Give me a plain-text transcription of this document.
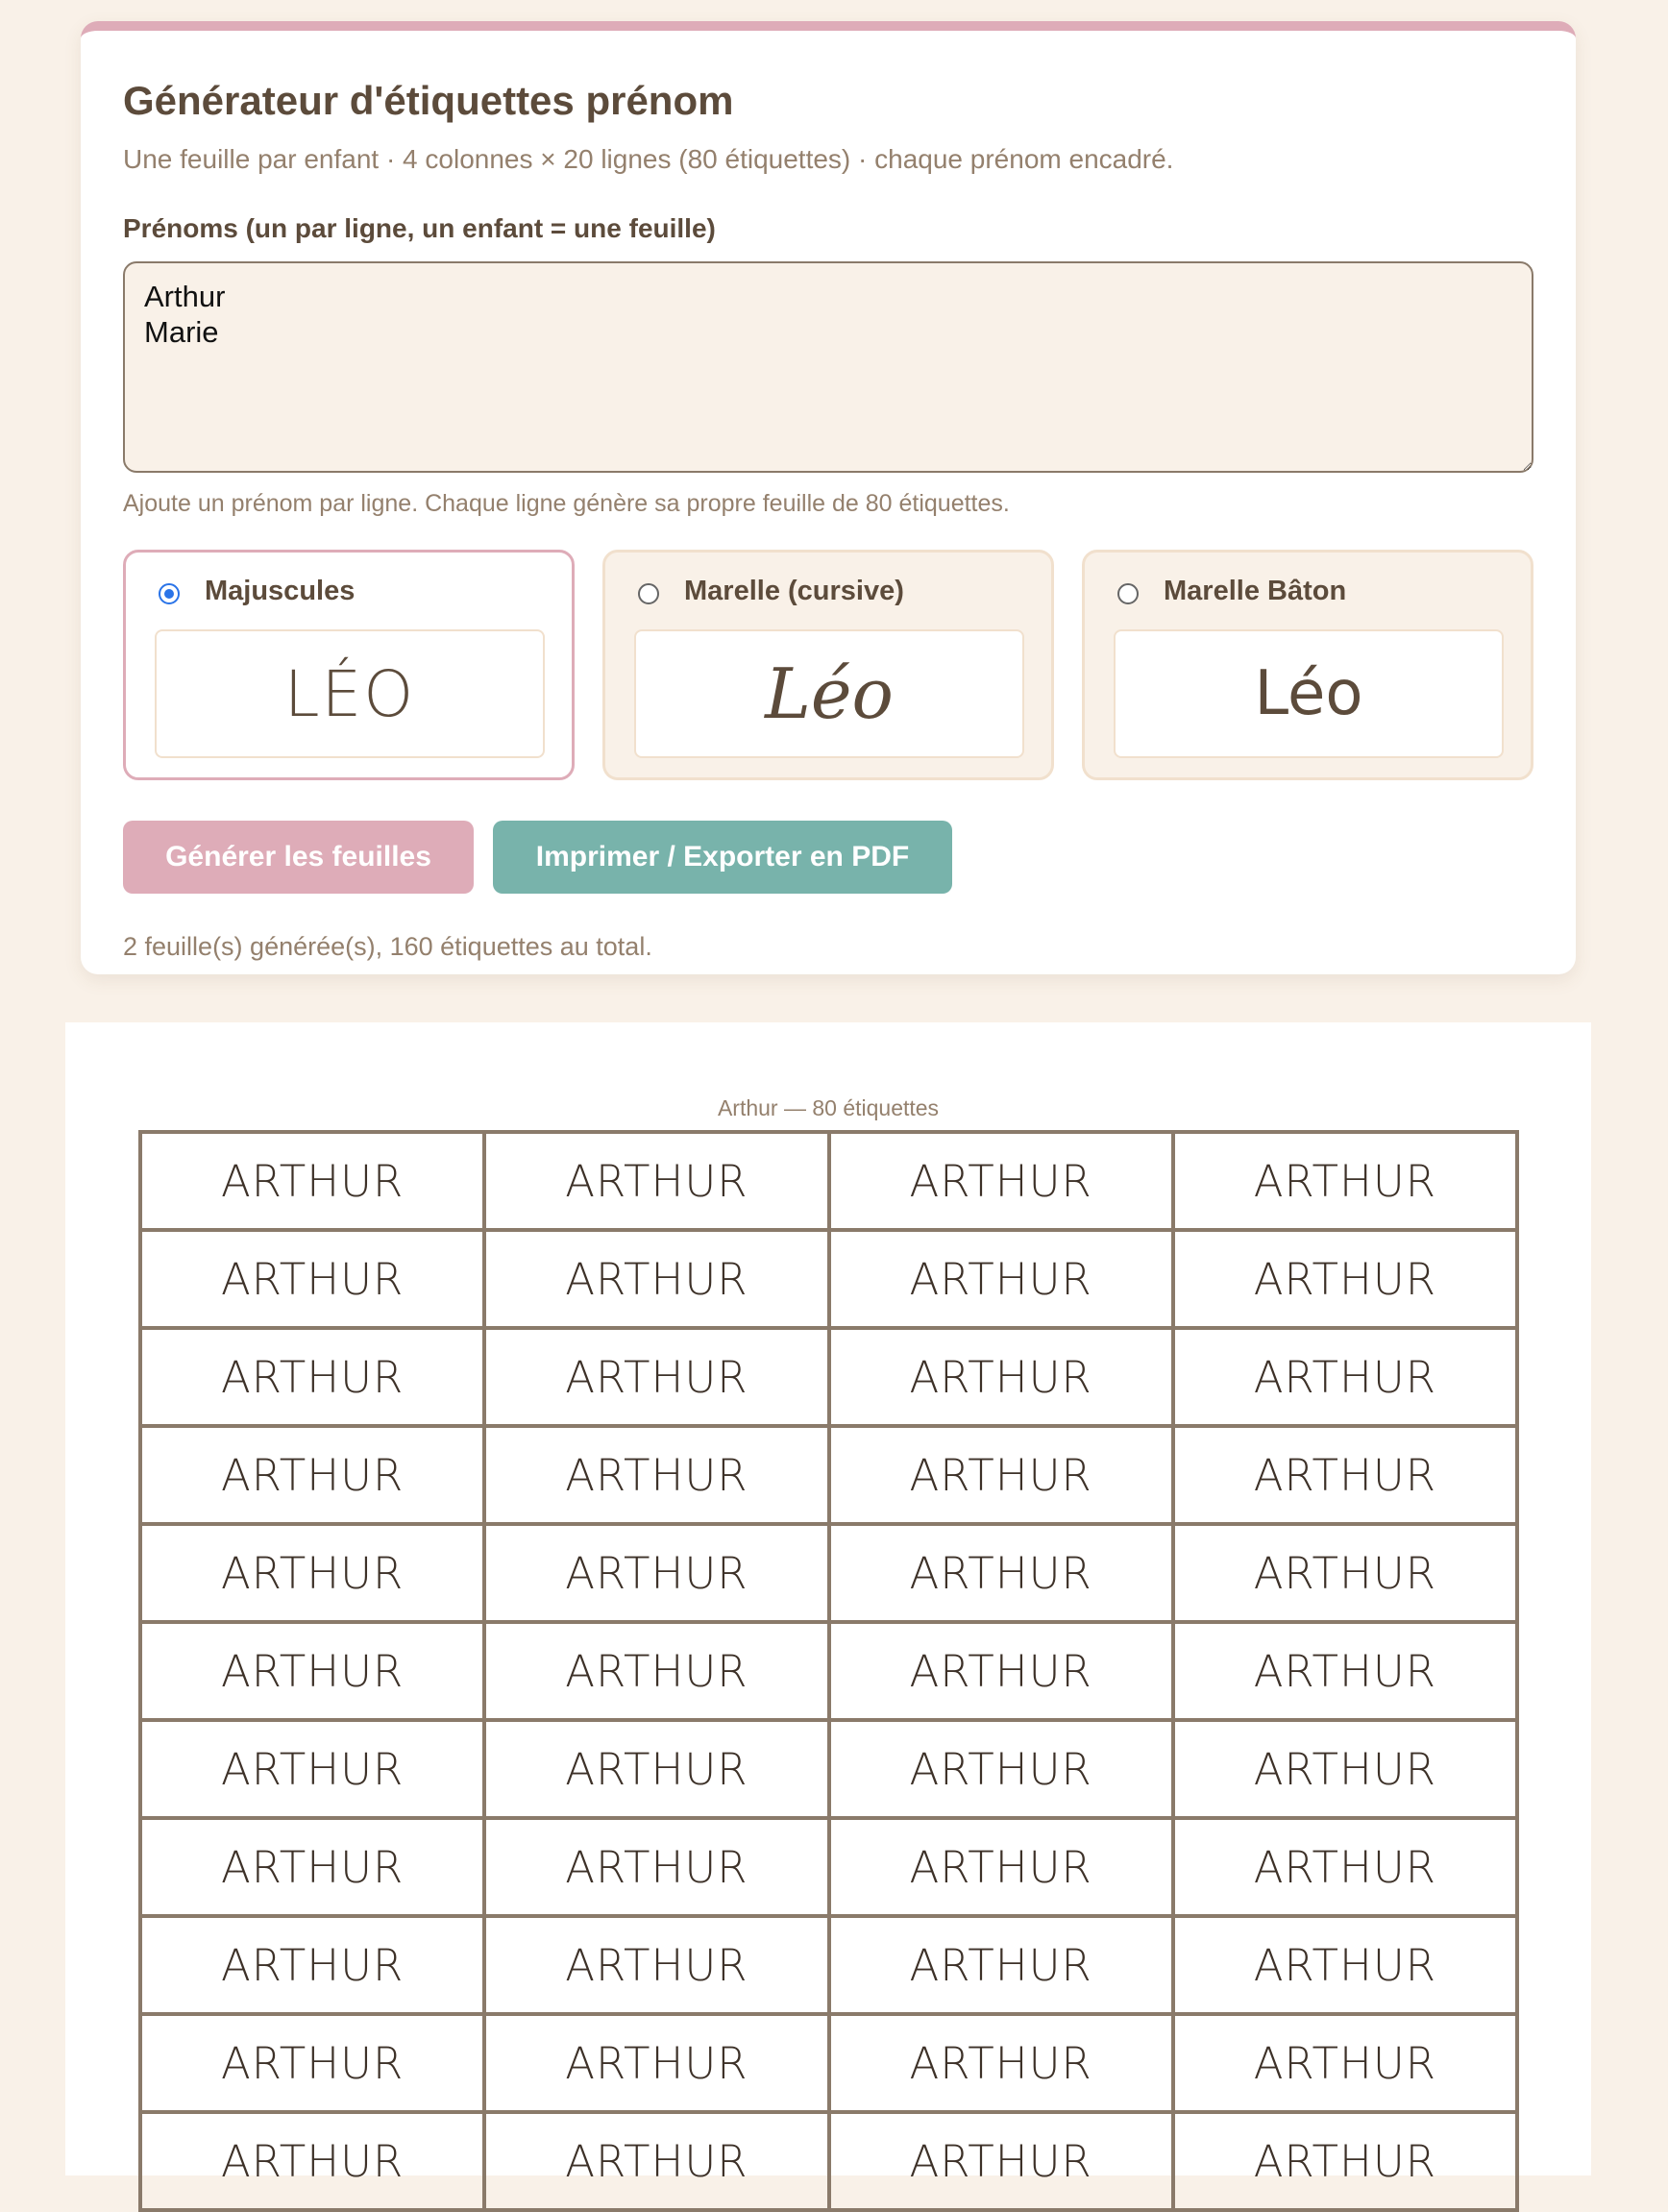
Générateur d'étiquettes prénom
Une feuille par enfant · 4 colonnes × 20 lignes (80 étiquettes) · chaque prénom encadré.
Prénoms (un par ligne, un enfant = une feuille)
Arthur Marie
Ajoute un prénom par ligne. Chaque ligne génère sa propre feuille de 80 étiquettes.
Majuscules
LÉO
Marelle (cursive)
Léo
Marelle Bâton
Léo
Générer les feuilles	Imprimer / Exporter en PDF
2 feuille(s) générée(s), 160 étiquettes au total.
Arthur — 80 étiquettes
ARTHUR	ARTHUR	ARTHUR	ARTHUR
ARTHUR	ARTHUR	ARTHUR	ARTHUR
ARTHUR	ARTHUR	ARTHUR	ARTHUR
ARTHUR	ARTHUR	ARTHUR	ARTHUR
ARTHUR	ARTHUR	ARTHUR	ARTHUR
ARTHUR	ARTHUR	ARTHUR	ARTHUR
ARTHUR	ARTHUR	ARTHUR	ARTHUR
ARTHUR	ARTHUR	ARTHUR	ARTHUR
ARTHUR	ARTHUR	ARTHUR	ARTHUR
ARTHUR	ARTHUR	ARTHUR	ARTHUR
ARTHUR	ARTHUR	ARTHUR	ARTHUR
